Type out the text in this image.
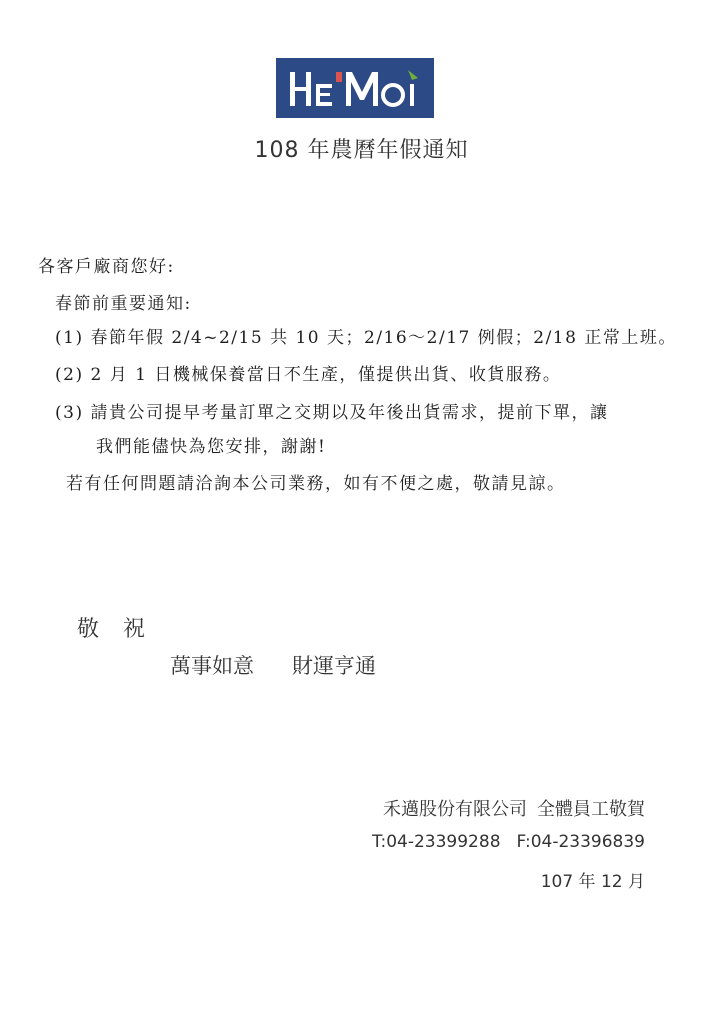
108 年農曆年假通知
各客戶廠商您好:
春節前重要通知:
(1) 春節年假 2/4~2/15 共 10 天；2/16～2/17 例假；2/18 正常上班。
(2) 2 月 1 日機械保養當日不生產，僅提供出貨、收貨服務。
(3) 請貴公司提早考量訂單之交期以及年後出貨需求，提前下單，讓
我們能儘快為您安排，謝謝!
若有任何問題請洽詢本公司業務，如有不便之處，敬請見諒。
敬 祝
萬事如意 財運亨通
禾邁股份有限公司 全體員工敬賀
T:04-23399288 F:04-23396839
107 年 12 月
